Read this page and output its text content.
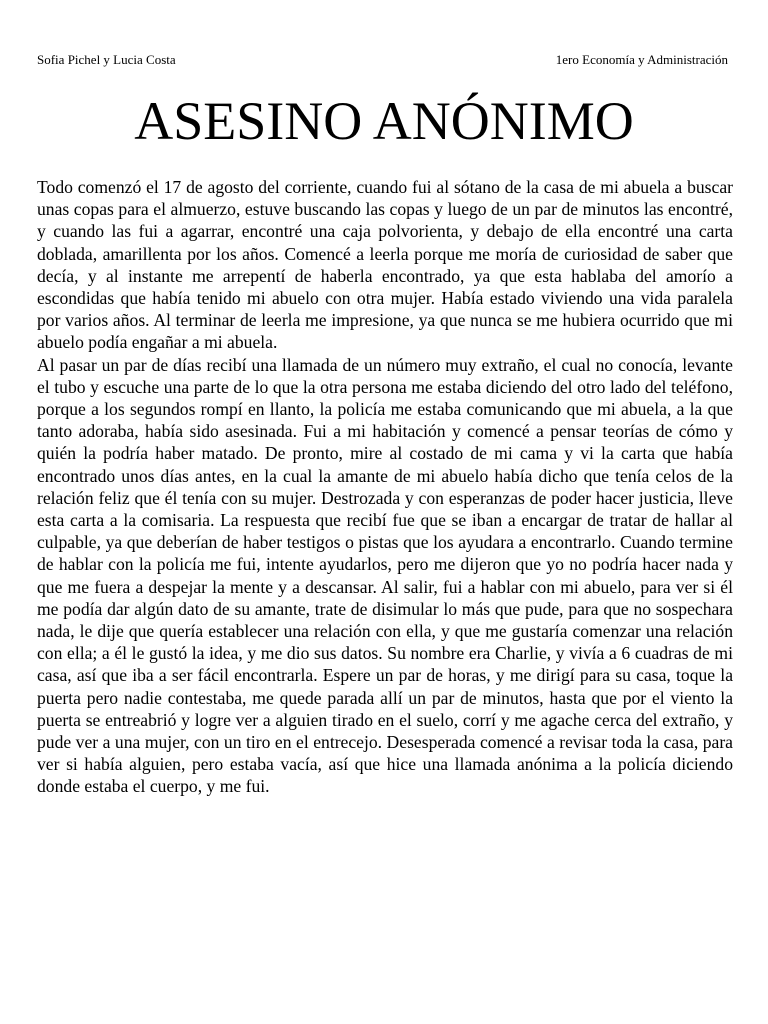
Sofia Pichel y Lucia Costa	1ero Economía y Administración
ASESINO ANÓNIMO

Todo comenzó el 17 de agosto del corriente, cuando fui al sótano de la casa de mi abuela a buscar unas copas para el almuerzo, estuve buscando las copas y luego de un par de minutos las encontré, y cuando las fui a agarrar, encontré una caja polvorienta, y debajo de ella encontré una carta doblada, amarillenta por los años. Comencé a leerla porque me moría de curiosidad de saber que decía, y al instante me arrepentí de haberla encontrado, ya que esta hablaba del amorío a escondidas que había tenido mi abuelo con otra mujer. Había estado viviendo una vida paralela por varios años. Al terminar de leerla me impresione, ya que nunca se me hubiera ocurrido que mi abuelo podía engañar a mi abuela.

Al pasar un par de días recibí una llamada de un número muy extraño, el cual no conocía, levante el tubo y escuche una parte de lo que la otra persona me estaba diciendo del otro lado del teléfono, porque a los segundos rompí en llanto, la policía me estaba comunicando que mi abuela, a la que tanto adoraba, había sido asesinada. Fui a mi habitación y comencé a pensar teorías de cómo y quién la podría haber matado. De pronto, mire al costado de mi cama y vi la carta que había encontrado unos días antes, en la cual la amante de mi abuelo había dicho que tenía celos de la relación feliz que él tenía con su mujer. Destrozada y con esperanzas de poder hacer justicia, lleve esta carta a la comisaria. La respuesta que recibí fue que se iban a encargar de tratar de hallar al culpable, ya que deberían de haber testigos o pistas que los ayudara a encontrarlo. Cuando termine de hablar con la policía me fui, intente ayudarlos, pero me dijeron que yo no podría hacer nada y que me fuera a despejar la mente y a descansar. Al salir, fui a hablar con mi abuelo, para ver si él me podía dar algún dato de su amante, trate de disimular lo más que pude, para que no sospechara nada, le dije que quería establecer una relación con ella, y que me gustaría comenzar una relación con ella; a él le gustó la idea, y me dio sus datos. Su nombre era Charlie, y vivía a 6 cuadras de mi casa, así que iba a ser fácil encontrarla. Espere un par de horas, y me dirigí para su casa, toque la puerta pero nadie contestaba, me quede parada allí un par de minutos, hasta que por el viento la puerta se entreabrió y logre ver a alguien tirado en el suelo, corrí y me agache cerca del extraño, y pude ver a una mujer, con un tiro en el entrecejo. Desesperada comencé a revisar toda la casa, para ver si había alguien, pero estaba vacía, así que hice una llamada anónima a la policía diciendo donde estaba el cuerpo, y me fui.
